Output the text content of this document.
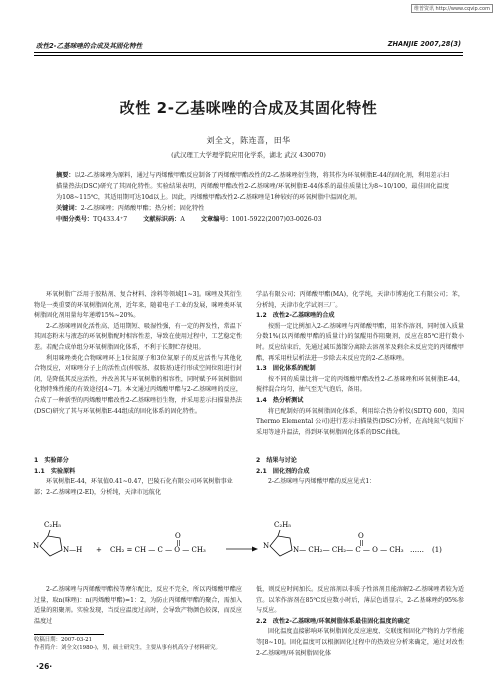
维普资讯 http://www.cqvip.com
改性2-乙基咪唑的合成及其固化特性	ZHANJIE 2007,28(3)
改性 2-乙基咪唑的合成及其固化特性
刘全文，陈连喜，田华
(武汉理工大学理学院应用化学系，湖北 武汉 430070)

摘要：以2-乙基咪唑为原料，通过与丙烯酸甲酯反应制备了丙烯酸甲酯改性的2-乙基咪唑衍生物，将其作为环氧树脂E-44的固化剂，利用差示扫描量热法(DSC)研究了其固化特性。实验结果表明，丙烯酸甲酯改性2-乙基咪唑/环氧树脂E-44体系的最佳质量比为8~10/100，最佳固化温度为108~115℃，其适用期可达10d以上。因此，丙烯酸甲酯改性2-乙基咪唑是1种较好的环氧树脂中温固化剂。

关键词：2-乙基咪唑；丙烯酸甲酯；热分析；固化特性

中图分类号：TQ433.4⁺7	文献标识码：A	文章编号：1001-5922(2007)03-0026-03

环氧树脂广泛用于胶粘剂、复合材料、涂料等领域[1~3]。咪唑及其衍生物是一类重要的环氧树脂固化剂，近年来，随着电子工业的发展，咪唑类环氧树脂固化剂用量每年递增15%~20%。

2-乙基咪唑固化活性高、适用期短、吸湿性强，有一定的挥发性，常温下其固态粉末与液态的环氧树脂配时相容性差，导致在使用过程中，工艺稳定性差。若配合成单组分环氧树脂固化体系，不利于长期贮存使用。

利用咪唑类化合物咪唑环上1位氮原子和3位氮原子的反应活性与其他化合物反应，对咪唑分子上的活性点(仲胺基、叔胺基)进行形成空间位阻进行封闭，是降低其反应活性，并改善其与环氧树脂的相容性，同时赋予环氧树脂固化物特殊性能的有效途径[4~7]。本文通过丙烯酸甲酯与2-乙基咪唑的反应，合成了一种新型的丙烯酸甲酯改性2-乙基咪唑衍生物，并采用差示扫描量热法(DSC)研究了其与环氧树脂E-44组成的固化体系的固化特性。

学品有限公司；丙烯酸甲酯(MA)，化学纯，天津市博迪化工有限公司；苯，分析纯，天津市化学试剂三厂。

1.2　改性2-乙基咪唑的合成

按照一定比例加入2-乙基咪唑与丙烯酸甲酯，用苯作溶剂，同时加入质量分数1%(以丙烯酸甲酯的质量计)的氢醌用作阻聚剂，反应在85℃进行数小时。反应结束后，先通过减压蒸馏分离除去溶剂苯及剩余未反应完的丙烯酸甲酯，再采用柱层析法进一步除去未反应完的2-乙基咪唑。

1.3　固化体系的配制

按不同的质量比将一定的丙烯酸甲酯改性2-乙基咪唑和环氧树脂E-44，搅拌混合均匀，抽气至无气泡后，备用。

1.4　热分析测试

将已配制好的环氧树脂固化体系，利用综合热分析仪(SDTQ 600，美国 Thermo Elemental 公司)进行差示扫描量热(DSC)分析，在高纯氮气氛围下采用等速升温法，得到环氧树脂固化体系的DSC曲线。

1　实验部分

1.1　实验原料

环氧树脂E-44，环氧值0.41~0.47，巴陵石化有限公司环氧树脂事业部；2-乙基咪唑(2-EI)，分析纯，天津市远航化

2　结果与讨论

2.1　固化剂的合成

2-乙基咪唑与丙烯酸甲酯的反应见式1：

C₂H₅
N	N—H + CH₂ = CH — C — O — CH₃
O
C₂H₅
N	N— CH₂— CH₂— C — O — CH₃
O
…… (1)

2-乙基咪唑与丙烯酸甲酯按等摩尔配比，反应不完全，所以丙烯酸甲酯应过量，取n(咪唑)：n(丙烯酸甲酯)=1：2，为防止丙烯酸甲酯的聚合，需加入适量的阻聚剂。实验发现，当反应温度过高时，会导致产物颜色较深，而反应温度过

低，则反应时间加长。反应溶剂以非质子性溶剂且能溶解2-乙基咪唑者较为适宜。以苯作溶剂在85℃反应数小时后，薄层色谱显示，2-乙基咪唑约95%参与反应。

2.2　改性2-乙基咪唑/环氧树脂体系最佳固化温度的确定

固化温度直接影响环氧树脂固化反应速度、交联度和固化产物的力学性能等[8~10]。固化温度可以根据固化过程中的热效应分析来确定，通过对改性2-乙基咪唑/环氧树脂固化体

收稿日期：2007-03-21

作者简介：刘全文(1980-)，男，硕士研究生，主要从事有机高分子材料研究。

·26·
